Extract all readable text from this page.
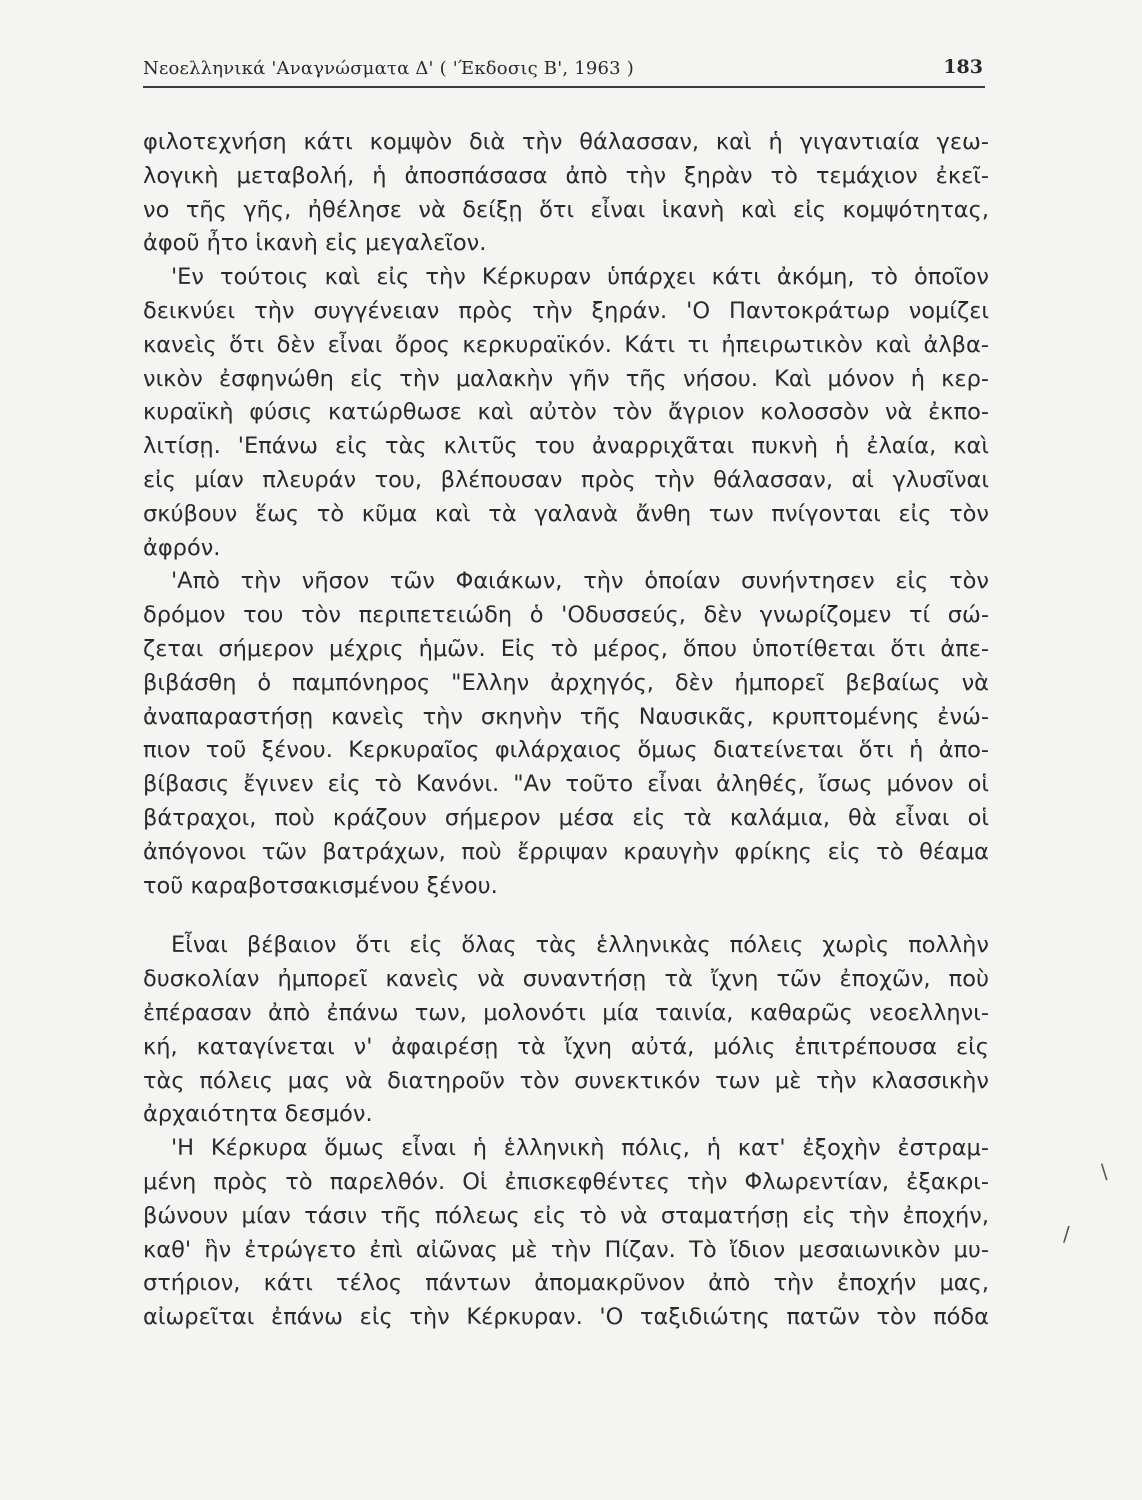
Νεοελληνικά 'Αναγνώσματα Δ' ( 'Έκδοσις Β', 1963 )	183
φιλοτεχνήση κάτι κομψὸν διὰ τὴν θάλασσαν, καὶ ἡ γιγαντιαία γεω-
λογικὴ μεταβολή, ἡ ἀποσπάσασα ἀπὸ τὴν ξηρὰν τὸ τεμάχιον ἐκεῖ-
νο τῆς γῆς, ἠθέλησε νὰ δείξῃ ὅτι εἶναι ἱκανὴ καὶ εἰς κομψότητας,
ἀφοῦ ἦτο ἱκανὴ εἰς μεγαλεῖον.
'Εν τούτοις καὶ εἰς τὴν Κέρκυραν ὑπάρχει κάτι ἀκόμη, τὸ ὁποῖον
δεικνύει τὴν συγγένειαν πρὸς τὴν ξηράν. 'Ο Παντοκράτωρ νομίζει
κανεὶς ὅτι δὲν εἶναι ὄρος κερκυραϊκόν. Κάτι τι ἠπειρωτικὸν καὶ ἀλβα-
νικὸν ἐσφηνώθη εἰς τὴν μαλακὴν γῆν τῆς νήσου. Καὶ μόνον ἡ κερ-
κυραϊκὴ φύσις κατώρθωσε καὶ αὐτὸν τὸν ἄγριον κολοσσὸν νὰ ἐκπο-
λιτίσῃ. 'Επάνω εἰς τὰς κλιτῦς του ἀναρριχᾶται πυκνὴ ἡ ἐλαία, καὶ
εἰς μίαν πλευράν του, βλέπουσαν πρὸς τὴν θάλασσαν, αἱ γλυσῖναι
σκύβουν ἕως τὸ κῦμα καὶ τὰ γαλανὰ ἄνθη των πνίγονται εἰς τὸν
ἀφρόν.
'Απὸ τὴν νῆσον τῶν Φαιάκων, τὴν ὁποίαν συνήντησεν εἰς τὸν
δρόμον του τὸν περιπετειώδη ὁ 'Οδυσσεύς, δὲν γνωρίζομεν τί σώ-
ζεται σήμερον μέχρις ἡμῶν. Εἰς τὸ μέρος, ὅπου ὑποτίθεται ὅτι ἀπε-
βιβάσθη ὁ παμπόνηρος "Ελλην ἀρχηγός, δὲν ἠμπορεῖ βεβαίως νὰ
ἀναπαραστήσῃ κανεὶς τὴν σκηνὴν τῆς Ναυσικᾶς, κρυπτομένης ἐνώ-
πιον τοῦ ξένου. Κερκυραῖος φιλάρχαιος ὅμως διατείνεται ὅτι ἡ ἀπο-
βίβασις ἔγινεν εἰς τὸ Κανόνι. "Αν τοῦτο εἶναι ἀληθές, ἴσως μόνον οἱ
βάτραχοι, ποὺ κράζουν σήμερον μέσα εἰς τὰ καλάμια, θὰ εἶναι οἱ
ἀπόγονοι τῶν βατράχων, ποὺ ἔρριψαν κραυγὴν φρίκης εἰς τὸ θέαμα
τοῦ καραβοτσακισμένου ξένου.
Εἶναι βέβαιον ὅτι εἰς ὅλας τὰς ἑλληνικὰς πόλεις χωρὶς πολλὴν
δυσκολίαν ἠμπορεῖ κανεὶς νὰ συναντήσῃ τὰ ἴχνη τῶν ἐποχῶν, ποὺ
ἐπέρασαν ἀπὸ ἐπάνω των, μολονότι μία ταινία, καθαρῶς νεοελληνι-
κή, καταγίνεται ν' ἀφαιρέσῃ τὰ ἴχνη αὐτά, μόλις ἐπιτρέπουσα εἰς
τὰς πόλεις μας νὰ διατηροῦν τὸν συνεκτικόν των μὲ τὴν κλασσικὴν
ἀρχαιότητα δεσμόν.
'Η Κέρκυρα ὅμως εἶναι ἡ ἑλληνικὴ πόλις, ἡ κατ' ἐξοχὴν ἐστραμ-
μένη πρὸς τὸ παρελθόν. Οἱ ἐπισκεφθέντες τὴν Φλωρεντίαν, ἐξακρι-
βώνουν μίαν τάσιν τῆς πόλεως εἰς τὸ νὰ σταματήσῃ εἰς τὴν ἐποχήν,
καθ' ἣν ἐτρώγετο ἐπὶ αἰῶνας μὲ τὴν Πίζαν. Τὸ ἴδιον μεσαιωνικὸν μυ-
στήριον, κάτι τέλος πάντων ἀπομακρῦνον ἀπὸ τὴν ἐποχήν μας,
αἰωρεῖται ἐπάνω εἰς τὴν Κέρκυραν. 'Ο ταξιδιώτης πατῶν τὸν πόδα
∖
/
